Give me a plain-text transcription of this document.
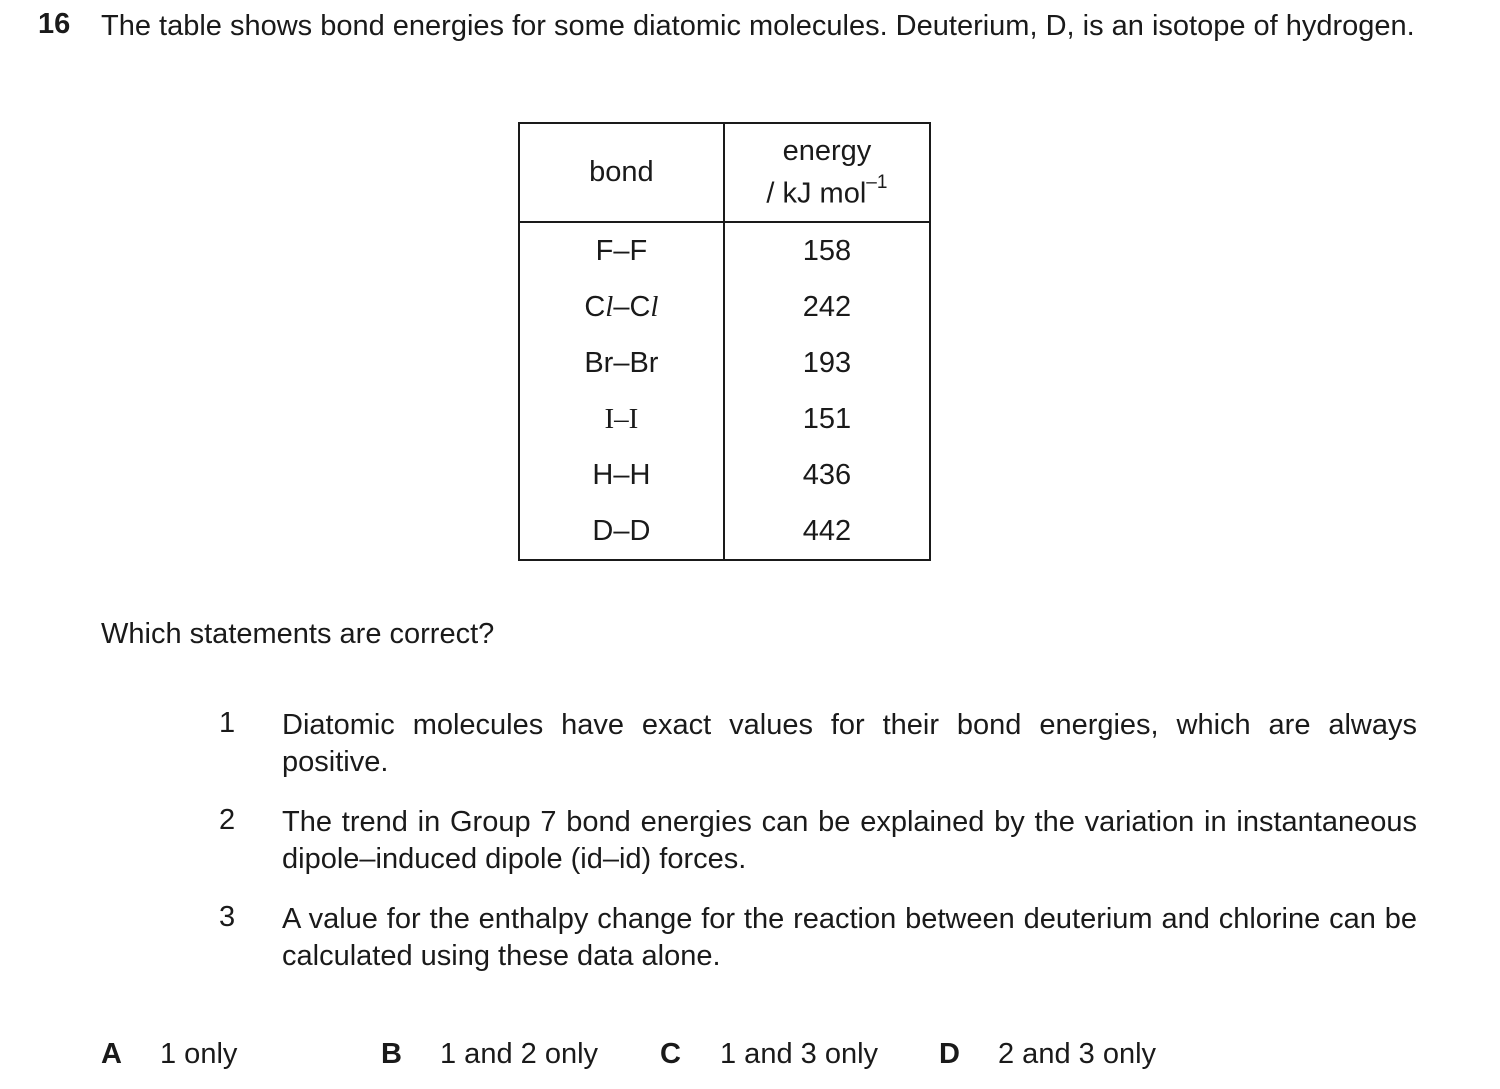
16 The table shows bond energies for some diatomic molecules. Deuterium, D, is an isotope of hydrogen.
bond	energy
/ kJ mol$^{-1}$
F–F	158
Cl–Cl	242
Br–Br	193
I–I	151
H–H	436
D–D	442
Which statements are correct?
1 Diatomic molecules have exact values for their bond energies, which are always positive.
2 The trend in Group 7 bond energies can be explained by the variation in instantaneous dipole–induced dipole (id–id) forces.
3 A value for the enthalpy change for the reaction between deuterium and chlorine can be calculated using these data alone.
A 1 only	B 1 and 2 only C 1 and 3 only D 2 and 3 only
